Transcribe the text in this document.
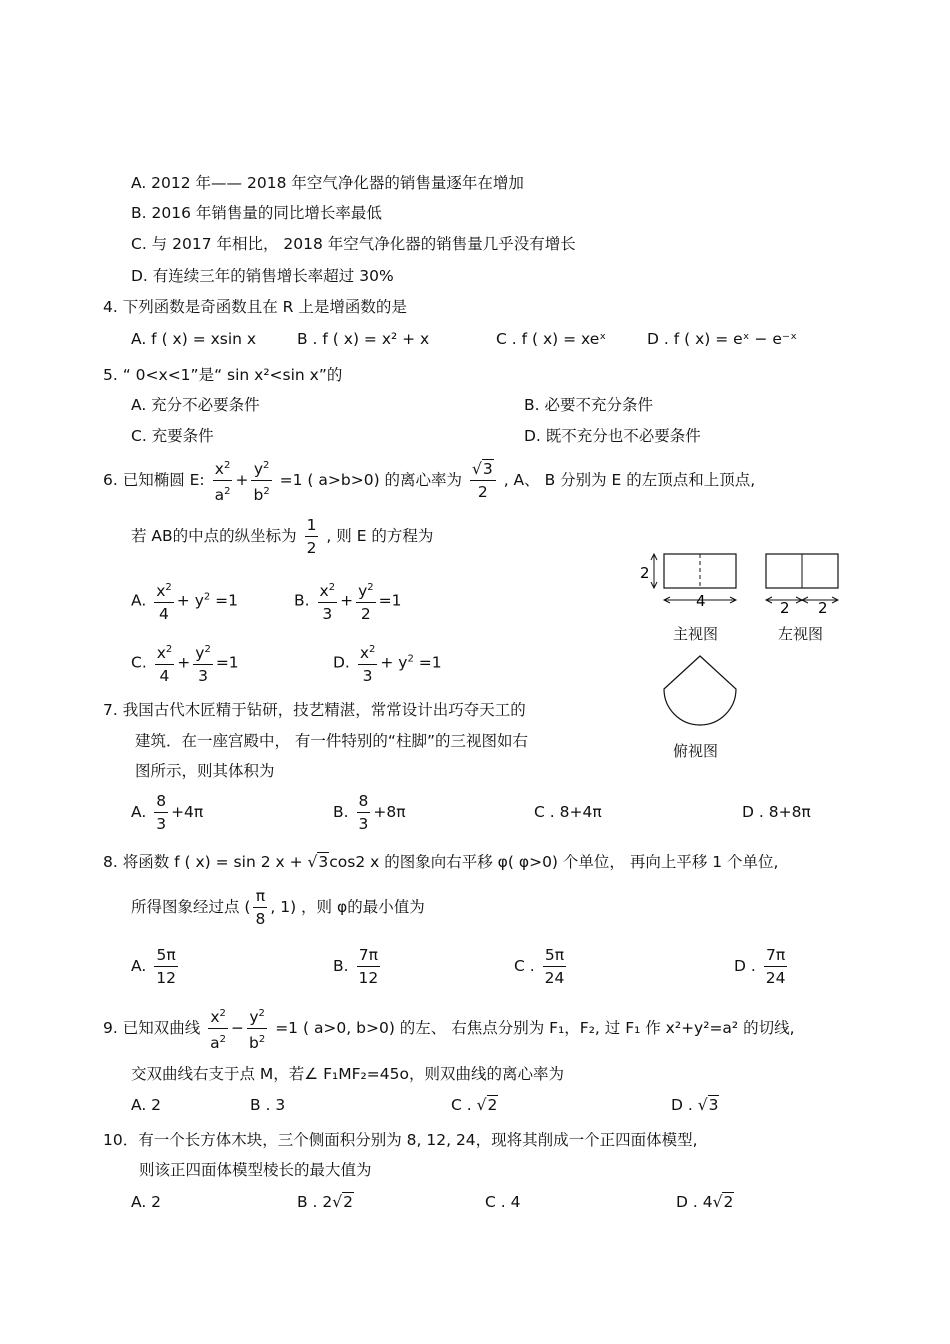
A. 2012 年—— 2018 年空气净化器的销售量逐年在增加
B. 2016 年销售量的同比增长率最低
C. 与 2017 年相比， 2018 年空气净化器的销售量几乎没有增长
D. 有连续三年的销售增长率超过 30%
4. 下列函数是奇函数且在 R 上是增函数的是
A. f ( x) = xsin x	B . f ( x) = x² + x	C . f ( x) = xeˣ	D . f ( x) = eˣ − e⁻ˣ
5. “ 0<x<1”是“ sin x²<sin x”的
A. 充分不必要条件	B. 必要不充分条件
C. 充要条件	D. 既不充分也不必要条件
6. 已知椭圆 E: $\frac{x^2}{a^2} + \frac{y^2}{b^2} =1$ ( a>b>0) 的离心率为 $\frac{√3}{2}$ , A、 B 分别为 E 的左顶点和上顶点,
若 AB的中点的纵坐标为 $\frac{1}{2}$ , 则 E 的方程为
A. $\frac{x^2}{4} + y^2 =1$	B. $\frac{x^2}{3} + \frac{y^2}{2} =1$
C. $\frac{x^2}{4} + \frac{y^2}{3} =1$	D. $\frac{x^2}{3} + y^2 =1$
2
4	2 2
主视图	左视图
俯视图
7. 我国古代木匠精于钻研，技艺精湛，常常设计出巧夺天工的
建筑．在一座宫殿中， 有一件特别的“柱脚”的三视图如右
图所示，则其体积为
A. $\frac{8}{3} +4\pi$	B. $\frac{8}{3} +8\pi$	C . 8+4π	D . 8+8π
8. 将函数 f ( x) = sin 2 x + √3cos2 x 的图象向右平移 φ( φ>0) 个单位， 再向上平移 1 个单位,
所得图象经过点 ( $\frac{\pi}{8}$ , 1) ，则 φ的最小值为
A. $\frac{5\pi}{12}$	B. $\frac{7\pi}{12}$	C . $\frac{5\pi}{24}$	D . $\frac{7\pi}{24}$
9. 已知双曲线 $\frac{x^2}{a^2} - \frac{y^2}{b^2} =1$ ( a>0, b>0) 的左、 右焦点分别为 F₁，F₂, 过 F₁ 作 x²+y²=a² 的切线,
交双曲线右支于点 M，若∠ F₁MF₂=45o，则双曲线的离心率为
A. 2	B . 3	C . √2	D . √3
10．有一个长方体木块，三个侧面积分别为 8, 12, 24，现将其削成一个正四面体模型,
则该正四面体模型棱长的最大值为
A. 2	B . 2√2	C . 4	D . 4√2
